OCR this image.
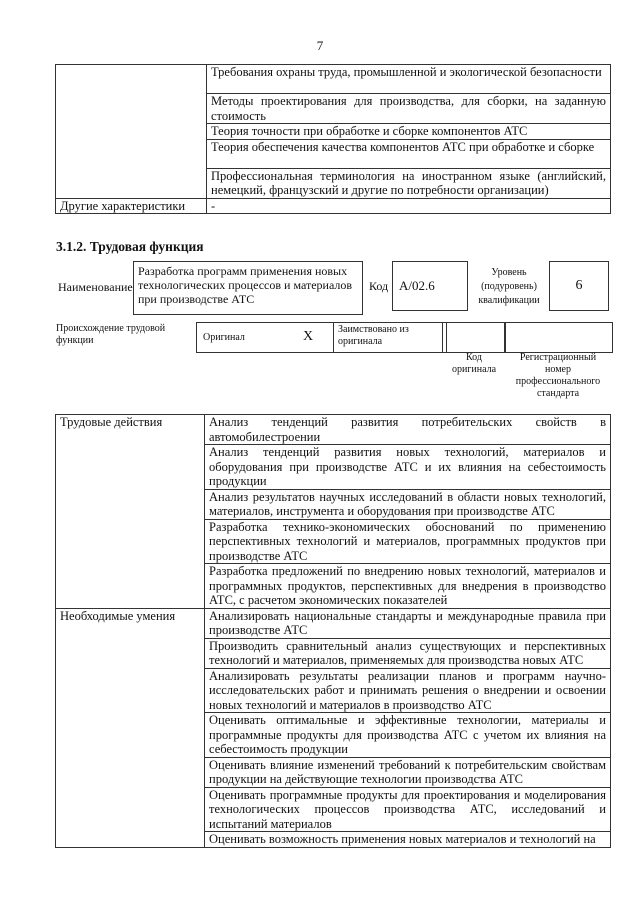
7
	Требования охраны труда, промышленной и экологической безопасности
	Методы проектирования для производства, для сборки, на заданную стоимость
	Теория точности при обработке и сборке компонентов АТС
	Теория обеспечения качества компонентов АТС при обработке и сборке
	Профессиональная терминология на иностранном языке (английский, немецкий, французский и другие по потребности организации)
Другие характеристики	-
3.1.2. Трудовая функция
Наименование
Разработка программ применения новых технологических процессов и материалов при производстве АТС
Код А/02.6
Уровень (подуровень) квалификации
6
Происхождение трудовой функции	Оригинал	X	Заимствовано из оригинала
Код оригинала
Регистрационный номер профессионального стандарта
Трудовые действия	Анализ тенденций развития потребительских свойств в автомобилестроении
	Анализ тенденций развития новых технологий, материалов и оборудования при производстве АТС и их влияния на себестоимость продукции
	Анализ результатов научных исследований в области новых технологий, материалов, инструмента и оборудования при производстве АТС
	Разработка технико-экономических обоснований по применению перспективных технологий и материалов, программных продуктов при производстве АТС
	Разработка предложений по внедрению новых технологий, материалов и программных продуктов, перспективных для внедрения в производство АТС, с расчетом экономических показателей
Необходимые умения	Анализировать национальные стандарты и международные правила при производстве АТС
	Производить сравнительный анализ существующих и перспективных технологий и материалов, применяемых для производства новых АТС
	Анализировать результаты реализации планов и программ научно-исследовательских работ и принимать решения о внедрении и освоении новых технологий и материалов в производство АТС
	Оценивать оптимальные и эффективные технологии, материалы и программные продукты для производства АТС с учетом их влияния на себестоимость продукции
	Оценивать влияние изменений требований к потребительским свойствам продукции на действующие технологии производства АТС
	Оценивать программные продукты для проектирования и моделирования технологических процессов производства АТС, исследований и испытаний материалов
	Оценивать возможность применения новых материалов и технологий на
